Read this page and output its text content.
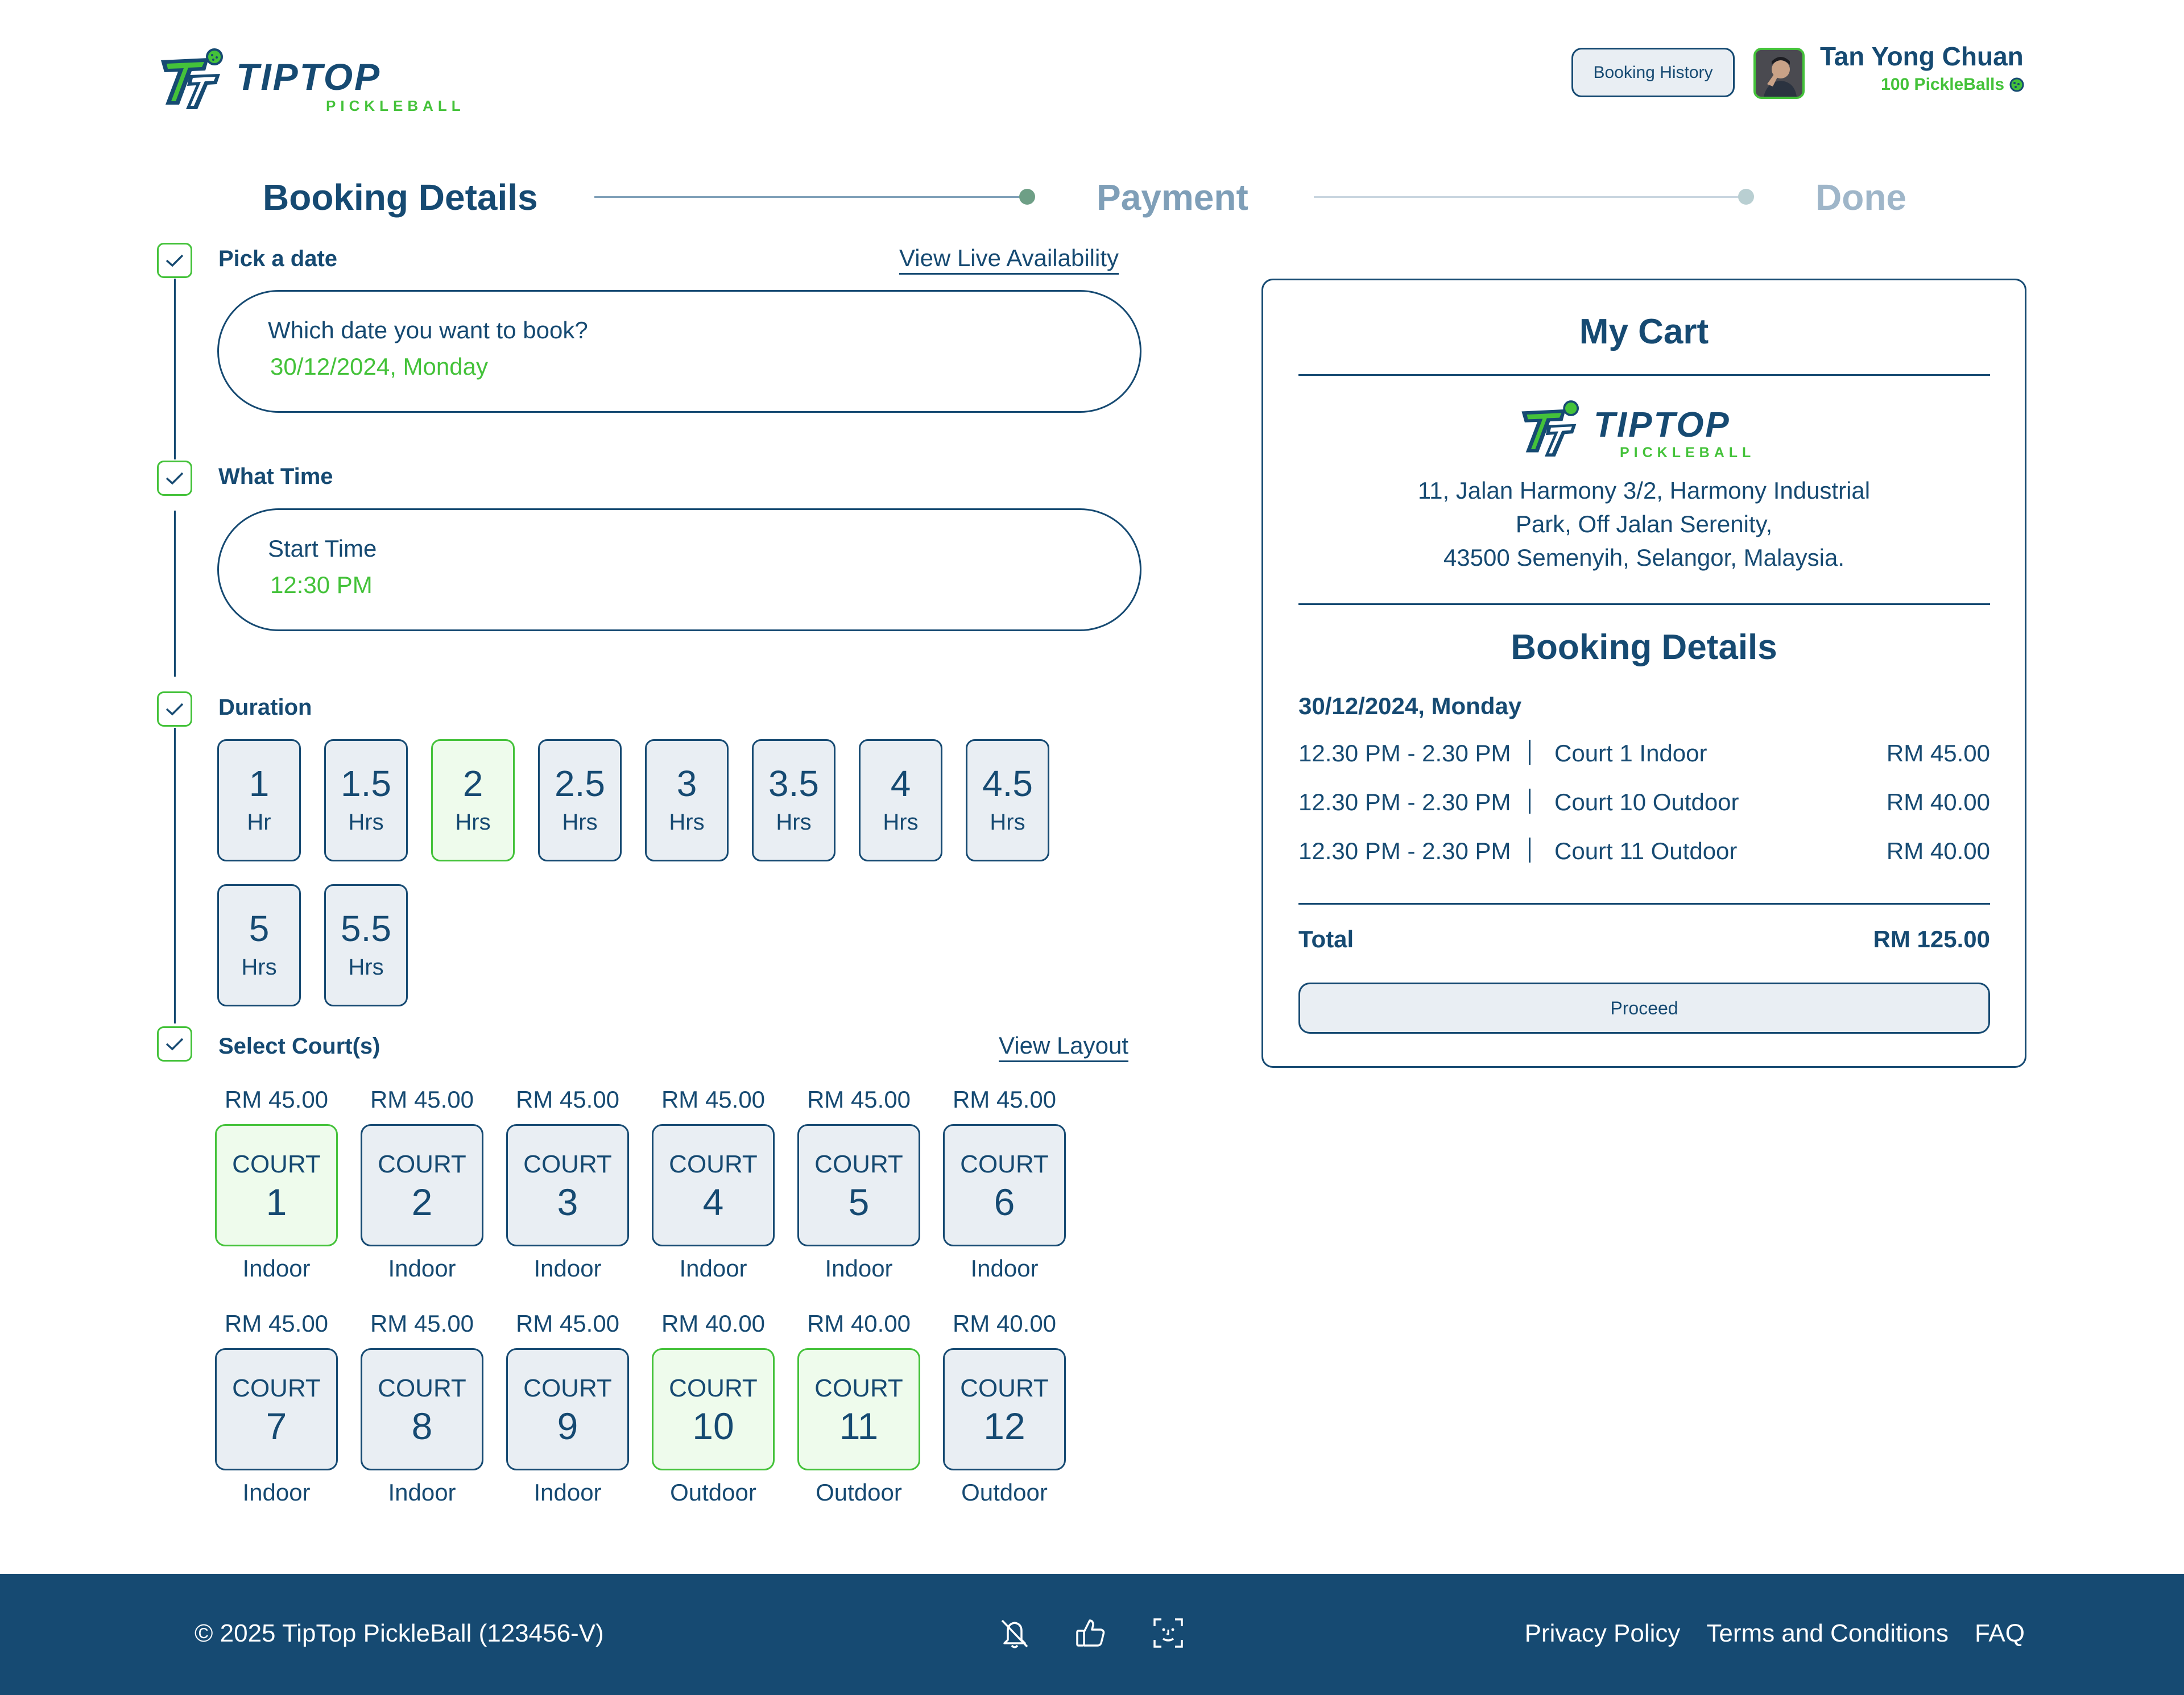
TIPTOP
PICKLEBALL
Booking History
Tan Yong Chuan
100 PickleBalls
Booking Details	Payment	Done
Pick a date	View Live Availability
Which date you want to book?
30/12/2024, Monday
What Time
Start Time
12:30 PM
Duration
1
Hr
1.5
Hrs
2
Hrs
2.5
Hrs
3
Hrs
3.5
Hrs
4
Hrs
4.5
Hrs
5
Hrs
5.5
Hrs
Select Court(s)	View Layout
RM 45.00
COURT
1
Indoor
RM 45.00
COURT
2
Indoor
RM 45.00
COURT
3
Indoor
RM 45.00
COURT
4
Indoor
RM 45.00
COURT
5
Indoor
RM 45.00
COURT
6
Indoor
RM 45.00
COURT
7
Indoor
RM 45.00
COURT
8
Indoor
RM 45.00
COURT
9
Indoor
RM 40.00
COURT
10
Outdoor
RM 40.00
COURT
11
Outdoor
RM 40.00
COURT
12
Outdoor
My Cart
TIPTOP
PICKLEBALL
11, Jalan Harmony 3/2, Harmony Industrial
Park, Off Jalan Serenity,
43500 Semenyih, Selangor, Malaysia.
Booking Details
30/12/2024, Monday
12.30 PM - 2.30 PM	Court 1 Indoor	RM 45.00
12.30 PM - 2.30 PM	Court 10 Outdoor	RM 40.00
12.30 PM - 2.30 PM	Court 11 Outdoor	RM 40.00
Total	RM 125.00
Proceed
© 2025 TipTop PickleBall (123456-V)	Privacy Policy Terms and Conditions FAQ
